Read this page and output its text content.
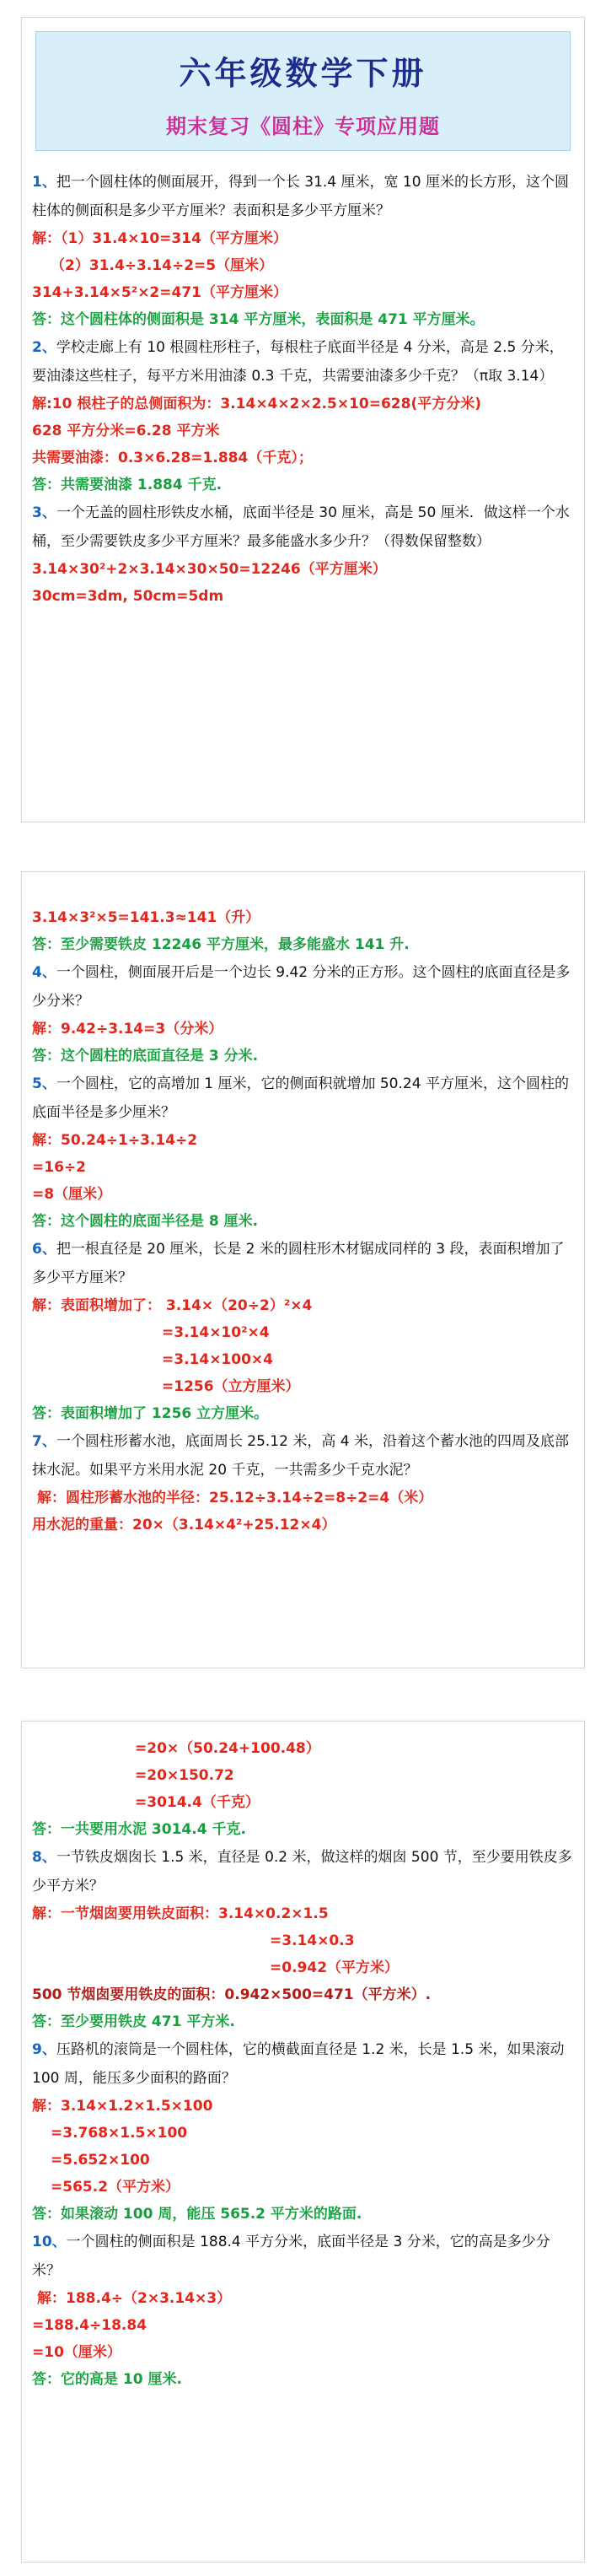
六年级数学下册
期末复习《圆柱》专项应用题
1、把一个圆柱体的侧面展开，得到一个长 31.4 厘米，宽 10 厘米的长方形，这个圆柱体的侧面积是多少平方厘米？表面积是多少平方厘米？
解：（1）31.4×10=314（平方厘米）
（2）31.4÷3.14÷2=5（厘米）
314+3.14×5²×2=471（平方厘米）
答：这个圆柱体的侧面积是 314 平方厘米，表面积是 471 平方厘米。
2、学校走廊上有 10 根圆柱形柱子，每根柱子底面半径是 4 分米，高是 2.5 分米，要油漆这些柱子，每平方米用油漆 0.3 千克，共需要油漆多少千克？（π取 3.14）
解:10 根柱子的总侧面积为：3.14×4×2×2.5×10=628(平方分米)
628 平方分米=6.28 平方米
共需要油漆：0.3×6.28=1.884（千克）；
答：共需要油漆 1.884 千克.
3、一个无盖的圆柱形铁皮水桶，底面半径是 30 厘米，高是 50 厘米．做这样一个水桶，至少需要铁皮多少平方厘米？最多能盛水多少升？（得数保留整数）
3.14×30²+2×3.14×30×50=12246（平方厘米）
30cm=3dm, 50cm=5dm
3.14×3²×5=141.3≈141（升）
答：至少需要铁皮 12246 平方厘米，最多能盛水 141 升.
4、一个圆柱，侧面展开后是一个边长 9.42 分米的正方形。这个圆柱的底面直径是多少分米？
解：9.42÷3.14=3（分米）
答：这个圆柱的底面直径是 3 分米.
5、一个圆柱，它的高增加 1 厘米，它的侧面积就增加 50.24 平方厘米，这个圆柱的底面半径是多少厘米？
解：50.24÷1÷3.14÷2
=16÷2
=8（厘米）
答：这个圆柱的底面半径是 8 厘米.
6、把一根直径是 20 厘米，长是 2 米的圆柱形木材锯成同样的 3 段，表面积增加了多少平方厘米？
解：表面积增加了： 3.14×（20÷2）²×4
=3.14×10²×4
=3.14×100×4
=1256（立方厘米）
答：表面积增加了 1256 立方厘米。
7、一个圆柱形蓄水池，底面周长 25.12 米，高 4 米，沿着这个蓄水池的四周及底部抹水泥。如果平方米用水泥 20 千克，一共需多少千克水泥？
解：圆柱形蓄水池的半径：25.12÷3.14÷2=8÷2=4（米）
用水泥的重量：20×（3.14×4²+25.12×4）
=20×（50.24+100.48）
=20×150.72
=3014.4（千克）
答：一共要用水泥 3014.4 千克.
8、一节铁皮烟囱长 1.5 米，直径是 0.2 米，做这样的烟囱 500 节，至少要用铁皮多少平方米？
解：一节烟囱要用铁皮面积：3.14×0.2×1.5
=3.14×0.3
=0.942（平方米）
500 节烟囱要用铁皮的面积：0.942×500=471（平方米）.
答：至少要用铁皮 471 平方米.
9、压路机的滚筒是一个圆柱体，它的横截面直径是 1.2 米，长是 1.5 米，如果滚动 100 周，能压多少面积的路面？
解：3.14×1.2×1.5×100
=3.768×1.5×100
=5.652×100
=565.2（平方米）
答：如果滚动 100 周，能压 565.2 平方米的路面.
10、一个圆柱的侧面积是 188.4 平方分米，底面半径是 3 分米，它的高是多少分米？
解：188.4÷（2×3.14×3）
=188.4÷18.84
=10（厘米）
答：它的高是 10 厘米.
